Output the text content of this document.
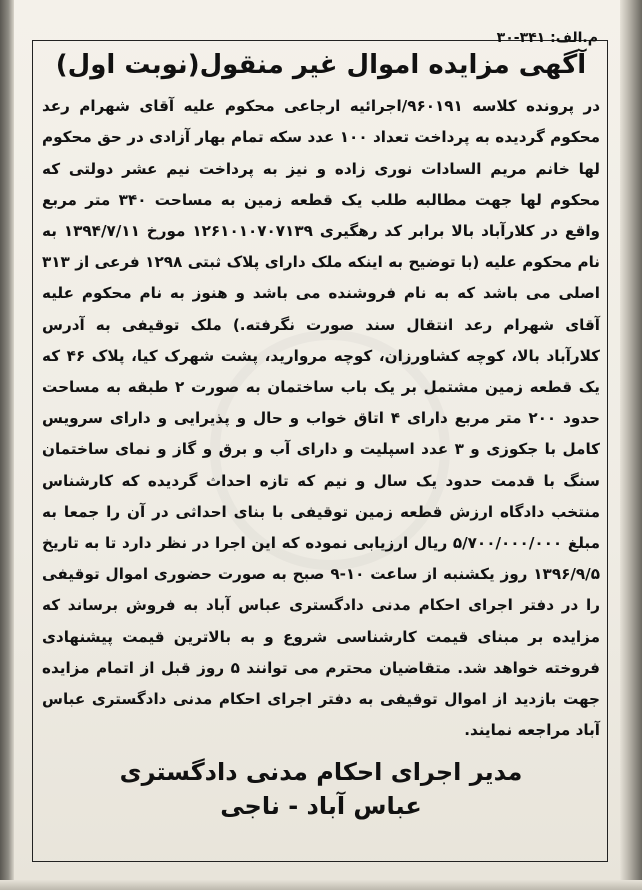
م.الف: ۳۴۱-۳۰
آگهی مزایده اموال غیر منقول(نوبت اول)
در پرونده کلاسه ۹۶۰۱۹۱/اجرائیه ارجاعی محکوم علیه آقای شهرام رعد محکوم گردیده به پرداخت تعداد ۱۰۰ عدد سکه تمام بهار آزادی در حق محکوم لها خانم مریم السادات نوری زاده و نیز به پرداخت نیم عشر دولتی که محکوم لها جهت مطالبه طلب یک قطعه زمین به مساحت ۳۴۰ متر مربع واقع در کلارآباد بالا برابر کد رهگیری ۱۲۶۱۰۱۰۷۰۷۱۳۹ مورخ ۱۳۹۴/۷/۱۱ به نام محکوم علیه (با توضیح به اینکه ملک دارای پلاک ثبتی ۱۲۹۸ فرعی از ۳۱۳ اصلی می باشد که به نام فروشنده می باشد و هنوز به نام محکوم علیه آقای شهرام رعد انتقال سند صورت نگرفته.) ملک توقیفی به آدرس کلارآباد بالا، کوچه کشاورزان، کوچه مروارید، پشت شهرک کیا، پلاک ۴۶ که یک قطعه زمین مشتمل بر یک باب ساختمان به صورت ۲ طبقه به مساحت حدود ۲۰۰ متر مربع دارای ۴ اتاق خواب و حال و پذیرایی و دارای سرویس کامل با جکوزی و ۳ عدد اسپلیت و دارای آب و برق و گاز و نمای ساختمان سنگ با قدمت حدود یک سال و نیم که تازه احداث گردیده که کارشناس منتخب دادگاه ارزش قطعه زمین توقیفی با بنای احداثی در آن را جمعا به مبلغ ۵/۷۰۰/۰۰۰/۰۰۰ ریال ارزیابی نموده که این اجرا در نظر دارد تا به تاریخ ۱۳۹۶/۹/۵ روز یکشنبه از ساعت ۱۰-۹ صبح به صورت حضوری اموال توقیفی را در دفتر اجرای احکام مدنی دادگستری عباس آباد به فروش برساند که مزایده بر مبنای قیمت کارشناسی شروع و به بالاترین قیمت پیشنهادی فروخته خواهد شد. متقاضیان محترم می توانند ۵ روز قبل از اتمام مزایده جهت بازدید از اموال توقیفی به دفتر اجرای احکام مدنی دادگستری عباس آباد مراجعه نمایند.
مدیر اجرای احکام مدنی دادگستری
عباس آباد - ناجی
